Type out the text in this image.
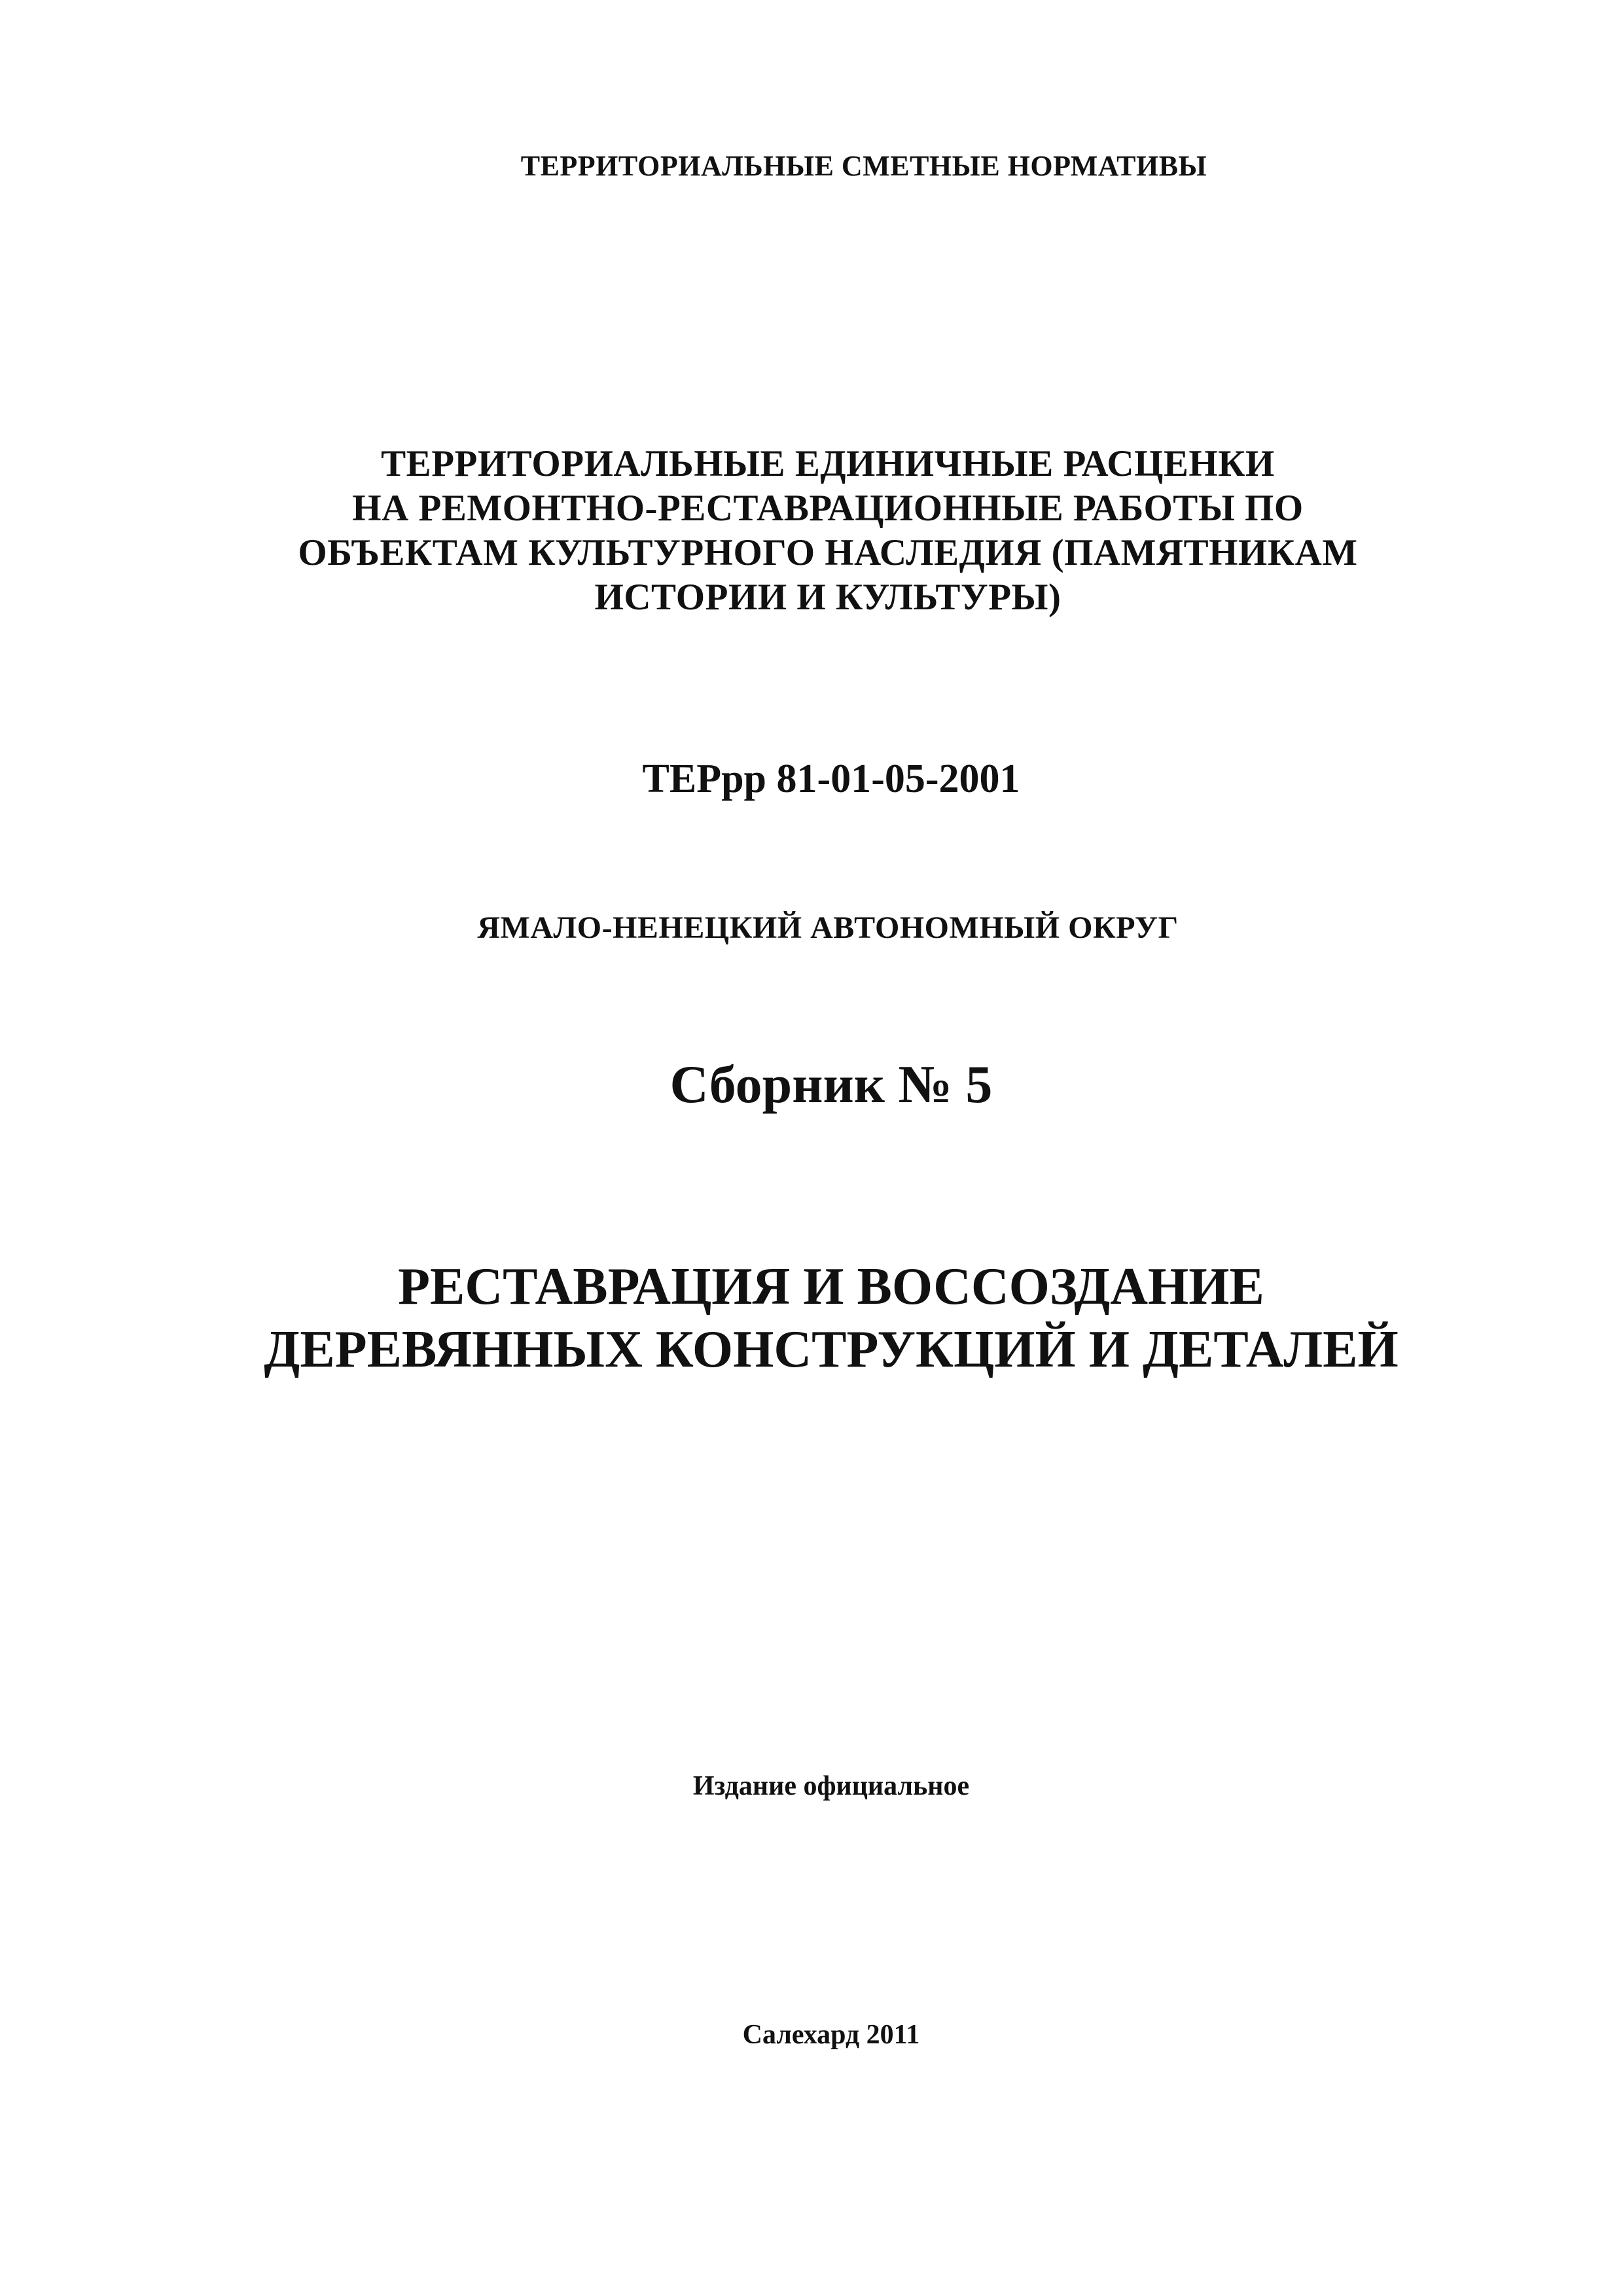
ТЕРРИТОРИАЛЬНЫЕ СМЕТНЫЕ НОРМАТИВЫ
ТЕРРИТОРИАЛЬНЫЕ ЕДИНИЧНЫЕ РАСЦЕНКИ
НА РЕМОНТНО-РЕСТАВРАЦИОННЫЕ РАБОТЫ ПО
ОБЪЕКТАМ КУЛЬТУРНОГО НАСЛЕДИЯ (ПАМЯТНИКАМ
ИСТОРИИ И КУЛЬТУРЫ)
ТЕРрр 81-01-05-2001
ЯМАЛО-НЕНЕЦКИЙ АВТОНОМНЫЙ ОКРУГ
Сборник № 5
РЕСТАВРАЦИЯ И ВОССОЗДАНИЕ
ДЕРЕВЯННЫХ КОНСТРУКЦИЙ И ДЕТАЛЕЙ
Издание официальное
Салехард 2011
